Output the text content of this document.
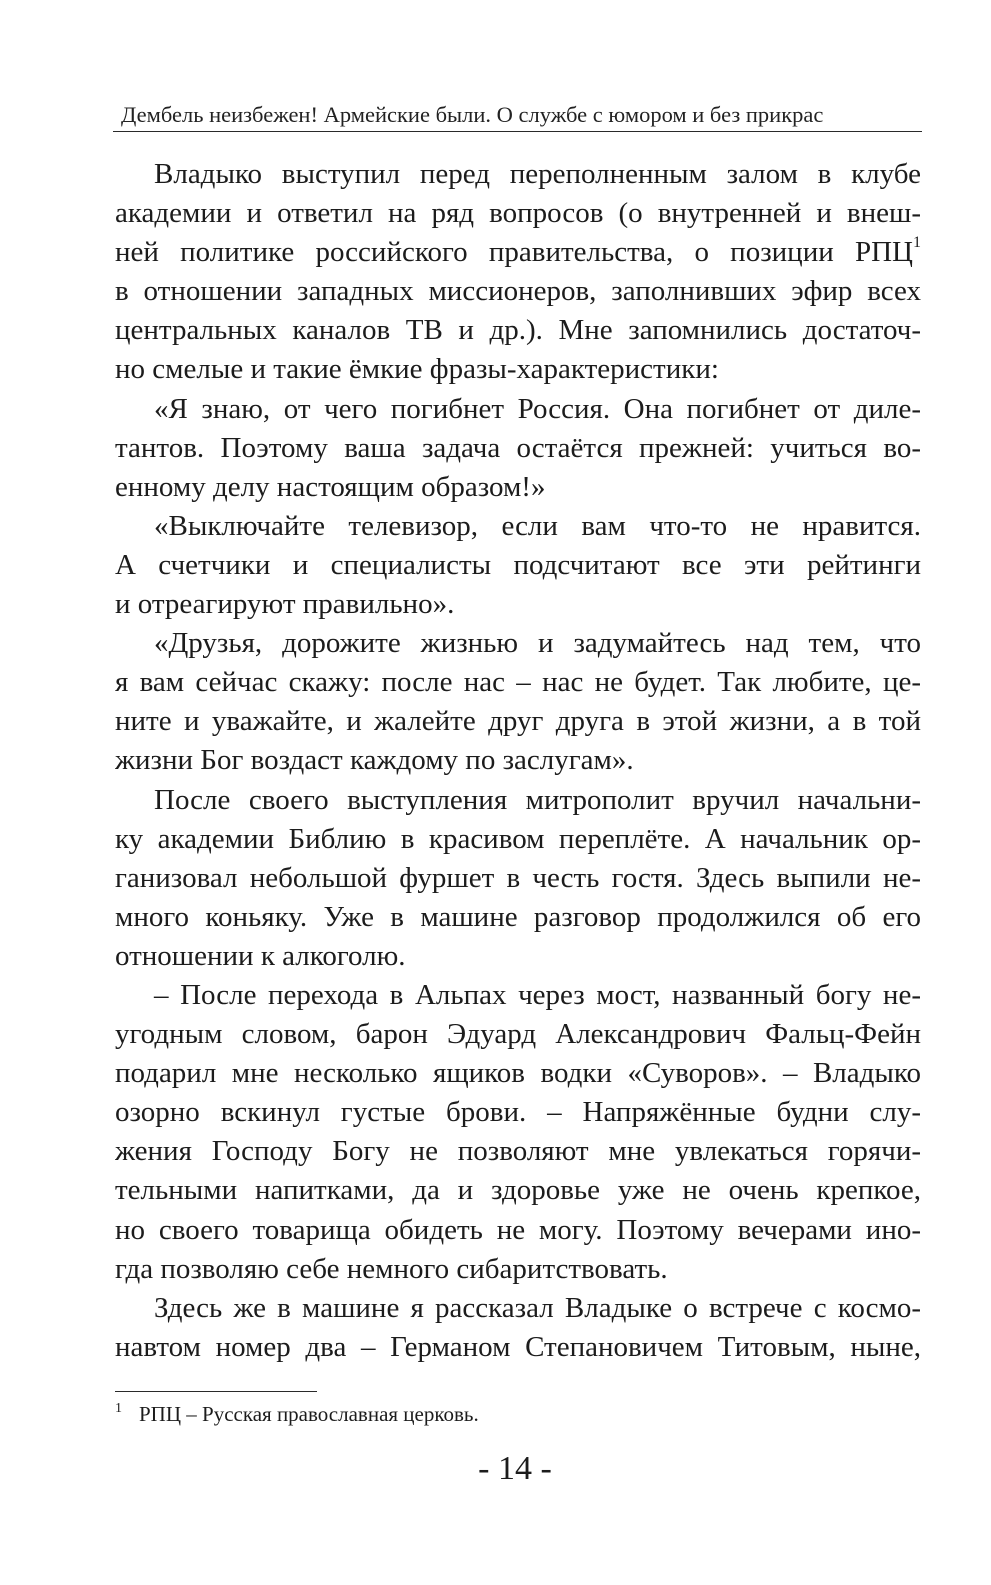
Дембель неизбежен! Армейские были. О службе с юмором и без прикрас
Владыко выступил перед переполненным залом в клубе
академии и ответил на ряд вопросов (о внутренней и внеш-
ней политике российского правительства, о позиции РПЦ$^1$
в отношении западных миссионеров, заполнивших эфир всех
центральных каналов ТВ и др.). Мне запомнились достаточ-
но смелые и такие ёмкие фразы-характеристики:
«Я знаю, от чего погибнет Россия. Она погибнет от диле-
тантов. Поэтому ваша задача остаётся прежней: учиться во-
енному делу настоящим образом!»
«Выключайте телевизор, если вам что-то не нравится.
А счетчики и специалисты подсчитают все эти рейтинги
и отреагируют правильно».
«Друзья, дорожите жизнью и задумайтесь над тем, что
я вам сейчас скажу: после нас – нас не будет. Так любите, це-
ните и уважайте, и жалейте друг друга в этой жизни, а в той
жизни Бог воздаст каждому по заслугам».
После своего выступления митрополит вручил начальни-
ку академии Библию в красивом переплёте. А начальник ор-
ганизовал небольшой фуршет в честь гостя. Здесь выпили не-
много коньяку. Уже в машине разговор продолжился об его
отношении к алкоголю.
– После перехода в Альпах через мост, названный богу не-
угодным словом, барон Эдуард Александрович Фальц-Фейн
подарил мне несколько ящиков водки «Суворов». – Владыко
озорно вскинул густые брови. – Напряжённые будни слу-
жения Господу Богу не позволяют мне увлекаться горячи-
тельными напитками, да и здоровье уже не очень крепкое,
но своего товарища обидеть не могу. Поэтому вечерами ино-
гда позволяю себе немного сибаритствовать.
Здесь же в машине я рассказал Владыке о встрече с космо-
навтом номер два – Германом Степановичем Титовым, ныне,
1 РПЦ – Русская православная церковь.
- 14 -
